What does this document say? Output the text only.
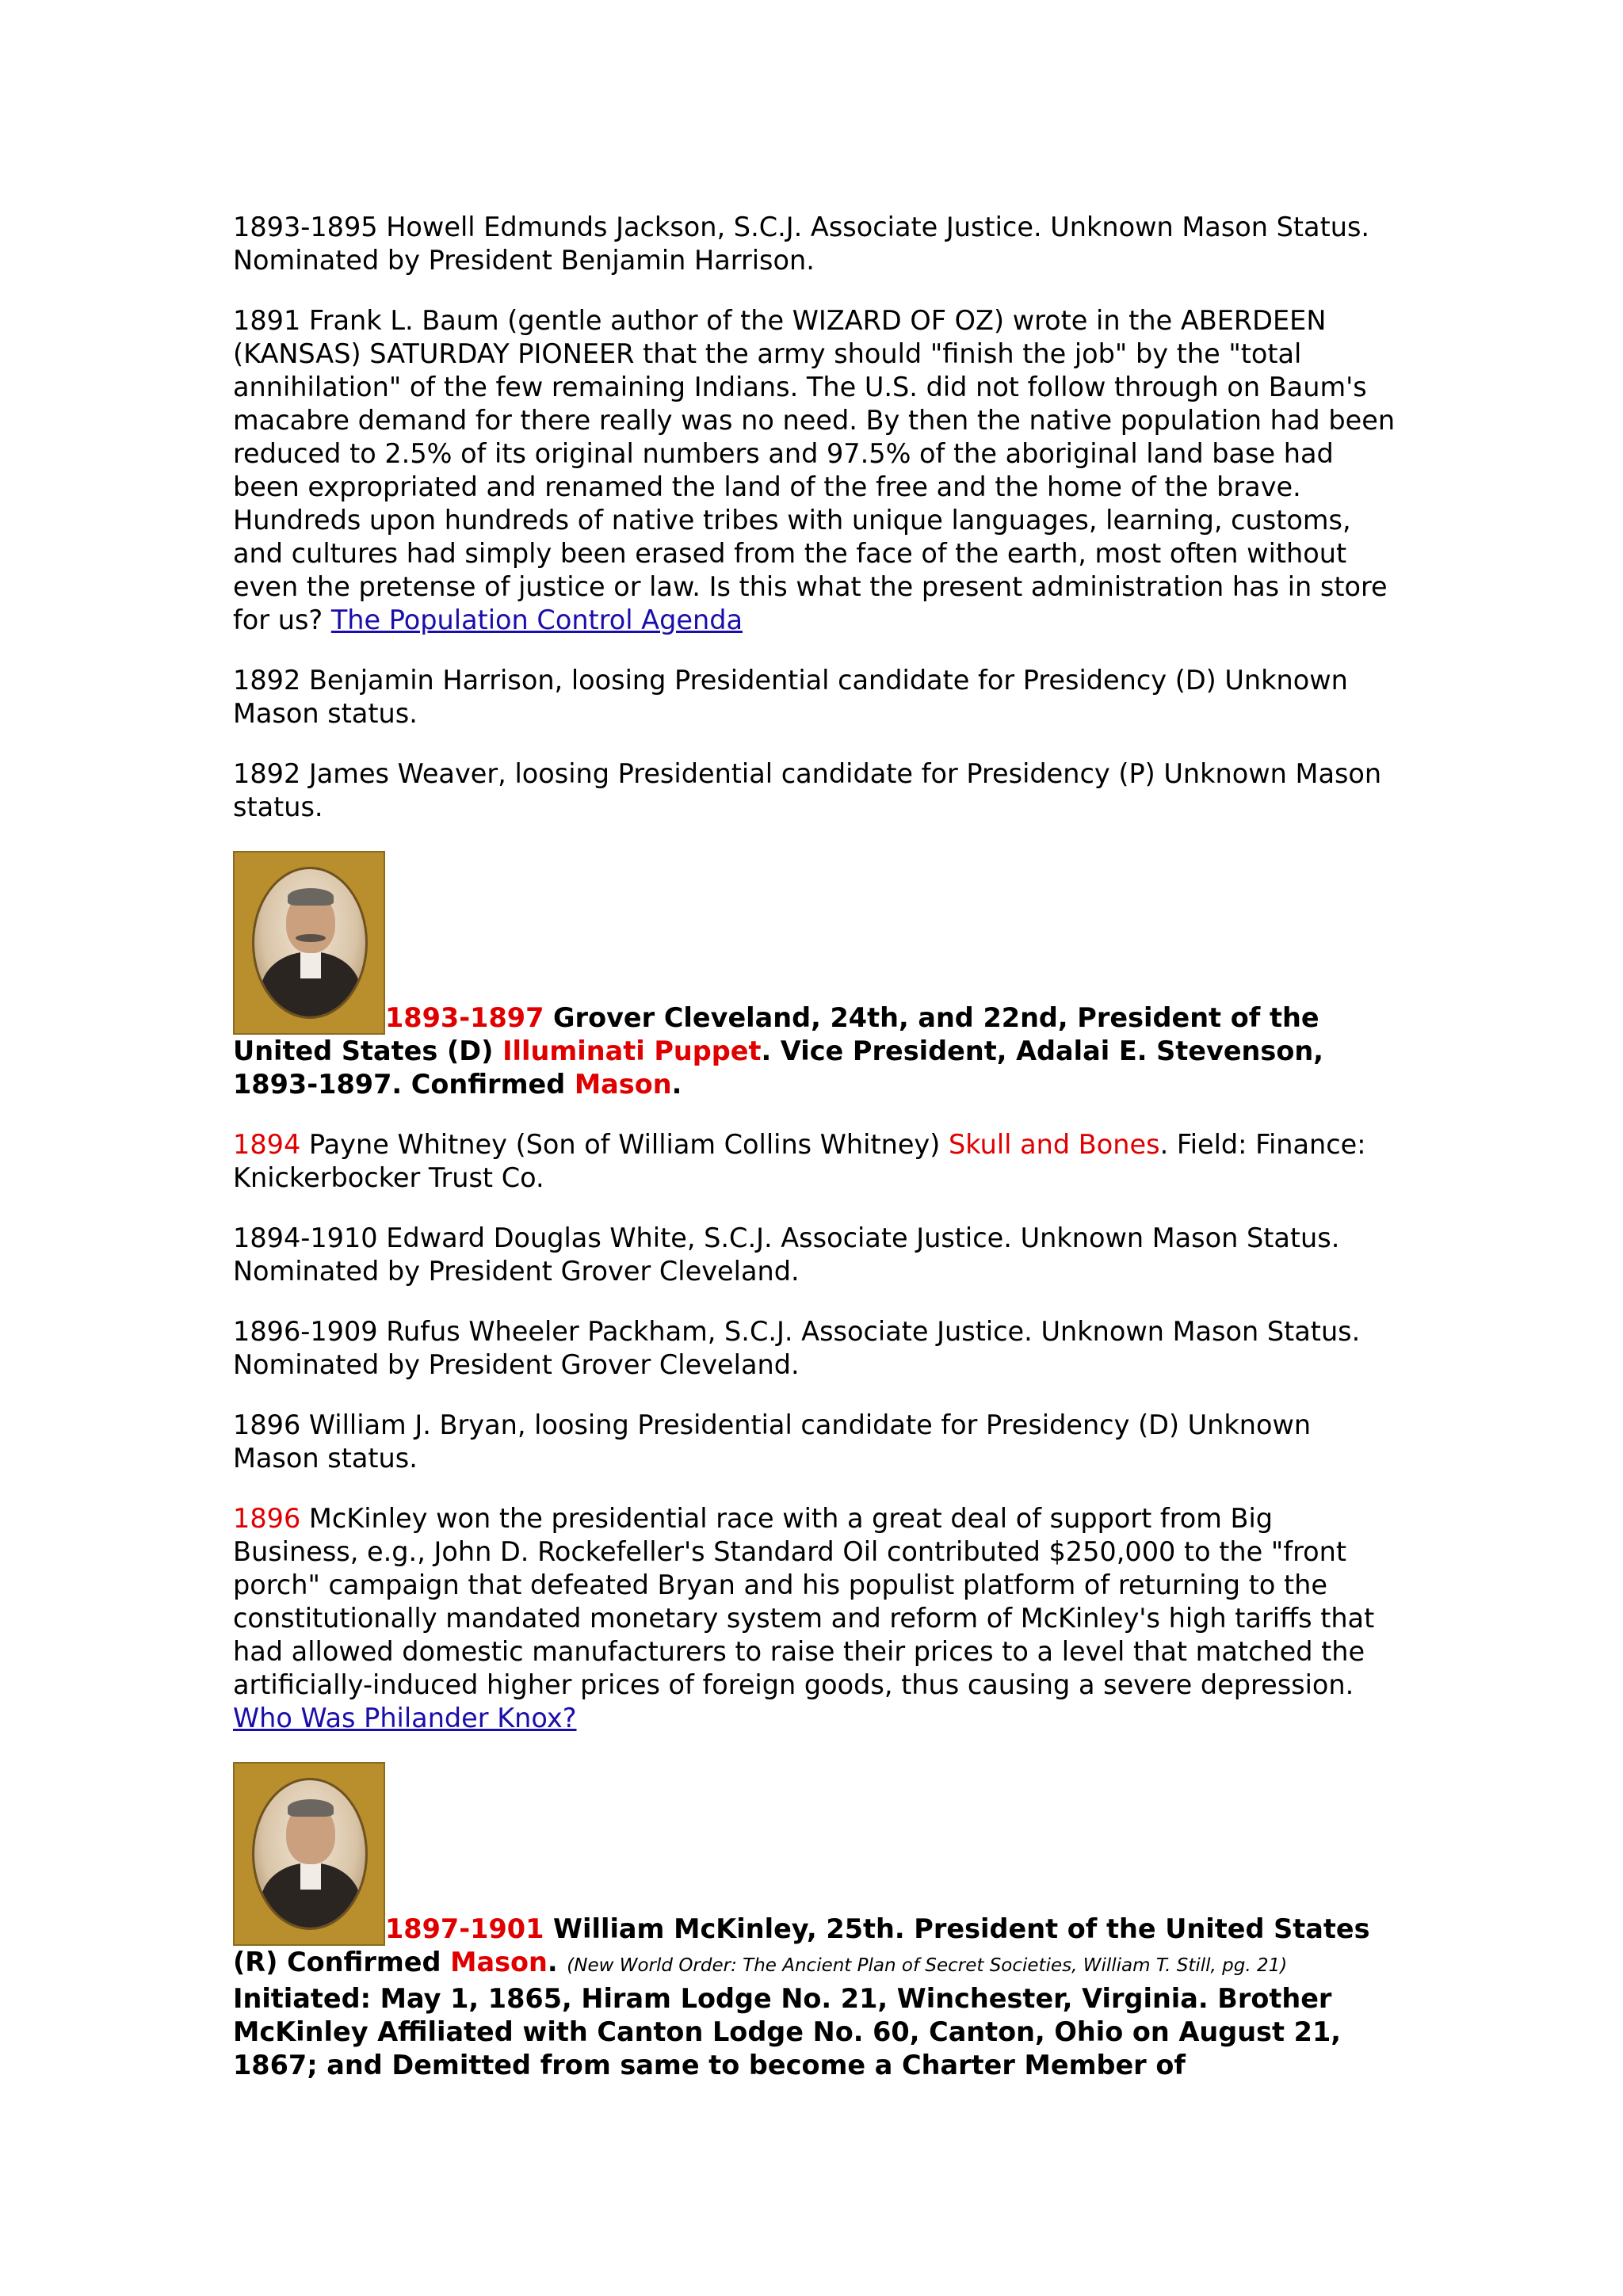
1893-1895 Howell Edmunds Jackson, S.C.J. Associate Justice. Unknown Mason Status. Nominated by President Benjamin Harrison.

1891 Frank L. Baum (gentle author of the WIZARD OF OZ) wrote in the ABERDEEN (KANSAS) SATURDAY PIONEER that the army should "finish the job" by the "total annihilation" of the few remaining Indians. The U.S. did not follow through on Baum's macabre demand for there really was no need. By then the native population had been reduced to 2.5% of its original numbers and 97.5% of the aboriginal land base had been expropriated and renamed the land of the free and the home of the brave. Hundreds upon hundreds of native tribes with unique languages, learning, customs, and cultures had simply been erased from the face of the earth, most often without even the pretense of justice or law. Is this what the present administration has in store for us? The Population Control Agenda

1892 Benjamin Harrison, loosing Presidential candidate for Presidency (D) Unknown Mason status.

1892 James Weaver, loosing Presidential candidate for Presidency (P) Unknown Mason status.

1893-1897 Grover Cleveland, 24th, and 22nd, President of the United States (D) Illuminati Puppet. Vice President, Adalai E. Stevenson, 1893-1897. Confirmed Mason.

1894 Payne Whitney (Son of William Collins Whitney) Skull and Bones. Field: Finance: Knickerbocker Trust Co.

1894-1910 Edward Douglas White, S.C.J. Associate Justice. Unknown Mason Status. Nominated by President Grover Cleveland.

1896-1909 Rufus Wheeler Packham, S.C.J. Associate Justice. Unknown Mason Status. Nominated by President Grover Cleveland.

1896 William J. Bryan, loosing Presidential candidate for Presidency (D) Unknown Mason status.

1896 McKinley won the presidential race with a great deal of support from Big Business, e.g., John D. Rockefeller's Standard Oil contributed $250,000 to the "front porch" campaign that defeated Bryan and his populist platform of returning to the constitutionally mandated monetary system and reform of McKinley's high tariffs that had allowed domestic manufacturers to raise their prices to a level that matched the artificially-induced higher prices of foreign goods, thus causing a severe depression. Who Was Philander Knox?

1897-1901 William McKinley, 25th. President of the United States (R) Confirmed Mason. (New World Order: The Ancient Plan of Secret Societies, William T. Still, pg. 21) Initiated: May 1, 1865, Hiram Lodge No. 21, Winchester, Virginia. Brother McKinley Affiliated with Canton Lodge No. 60, Canton, Ohio on August 21, 1867; and Demitted from same to become a Charter Member of
